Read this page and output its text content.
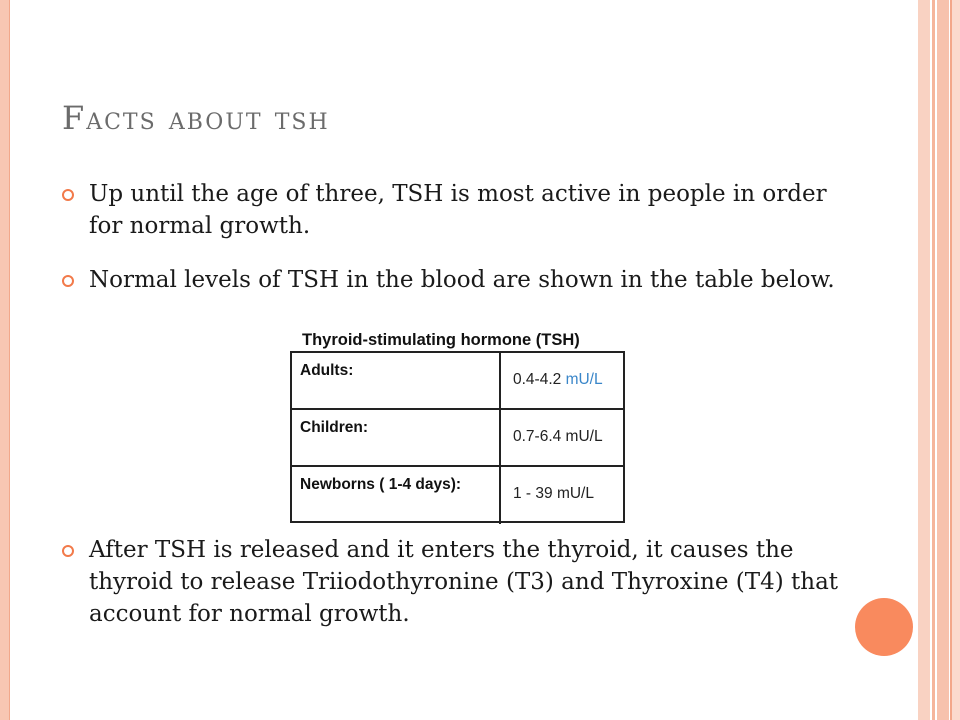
Facts about tsh
Up until the age of three, TSH is most active in people in order for normal growth.
Normal levels of TSH in the blood are shown in the table below.
Thyroid-stimulating hormone (TSH)
Adults:
0.4-4.2 mU/L
Children:
0.7-6.4 mU/L
Newborns ( 1-4 days):
1 - 39 mU/L
After TSH is released and it enters the thyroid, it causes the thyroid to release Triiodothyronine (T3) and Thyroxine (T4) that account for normal growth.
